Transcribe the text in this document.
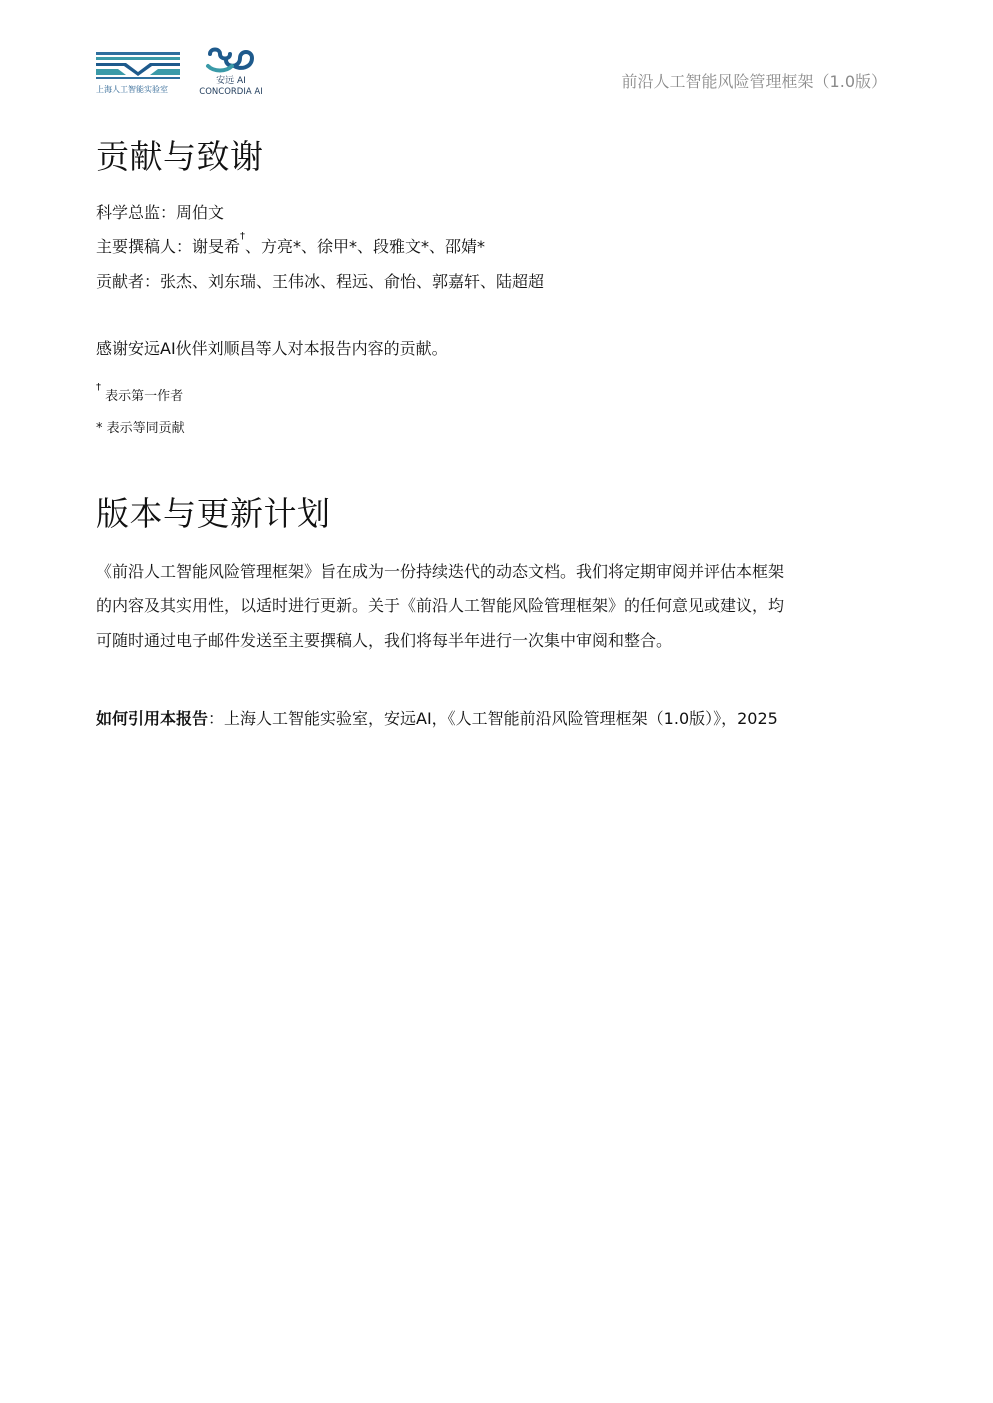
上海人工智能实验室
安远 AI
CONCORDIA AI
前沿人工智能风险管理框架（1.0版）
贡献与致谢
科学总监：周伯文
主要撰稿人：谢旻希†、方亮*、徐甲*、段雅文*、邵婧*
贡献者：张杰、刘东瑞、王伟冰、程远、俞怡、郭嘉轩、陆超超
感谢安远AI伙伴刘顺昌等人对本报告内容的贡献。
† 表示第一作者
* 表示等同贡献
版本与更新计划
《前沿人工智能风险管理框架》旨在成为一份持续迭代的动态文档。我们将定期审阅并评估本框架
的内容及其实用性，以适时进行更新。关于《前沿人工智能风险管理框架》的任何意见或建议，均
可随时通过电子邮件发送至主要撰稿人，我们将每半年进行一次集中审阅和整合。
如何引用本报告：上海人工智能实验室，安远AI，《人工智能前沿风险管理框架（1.0版）》，2025
